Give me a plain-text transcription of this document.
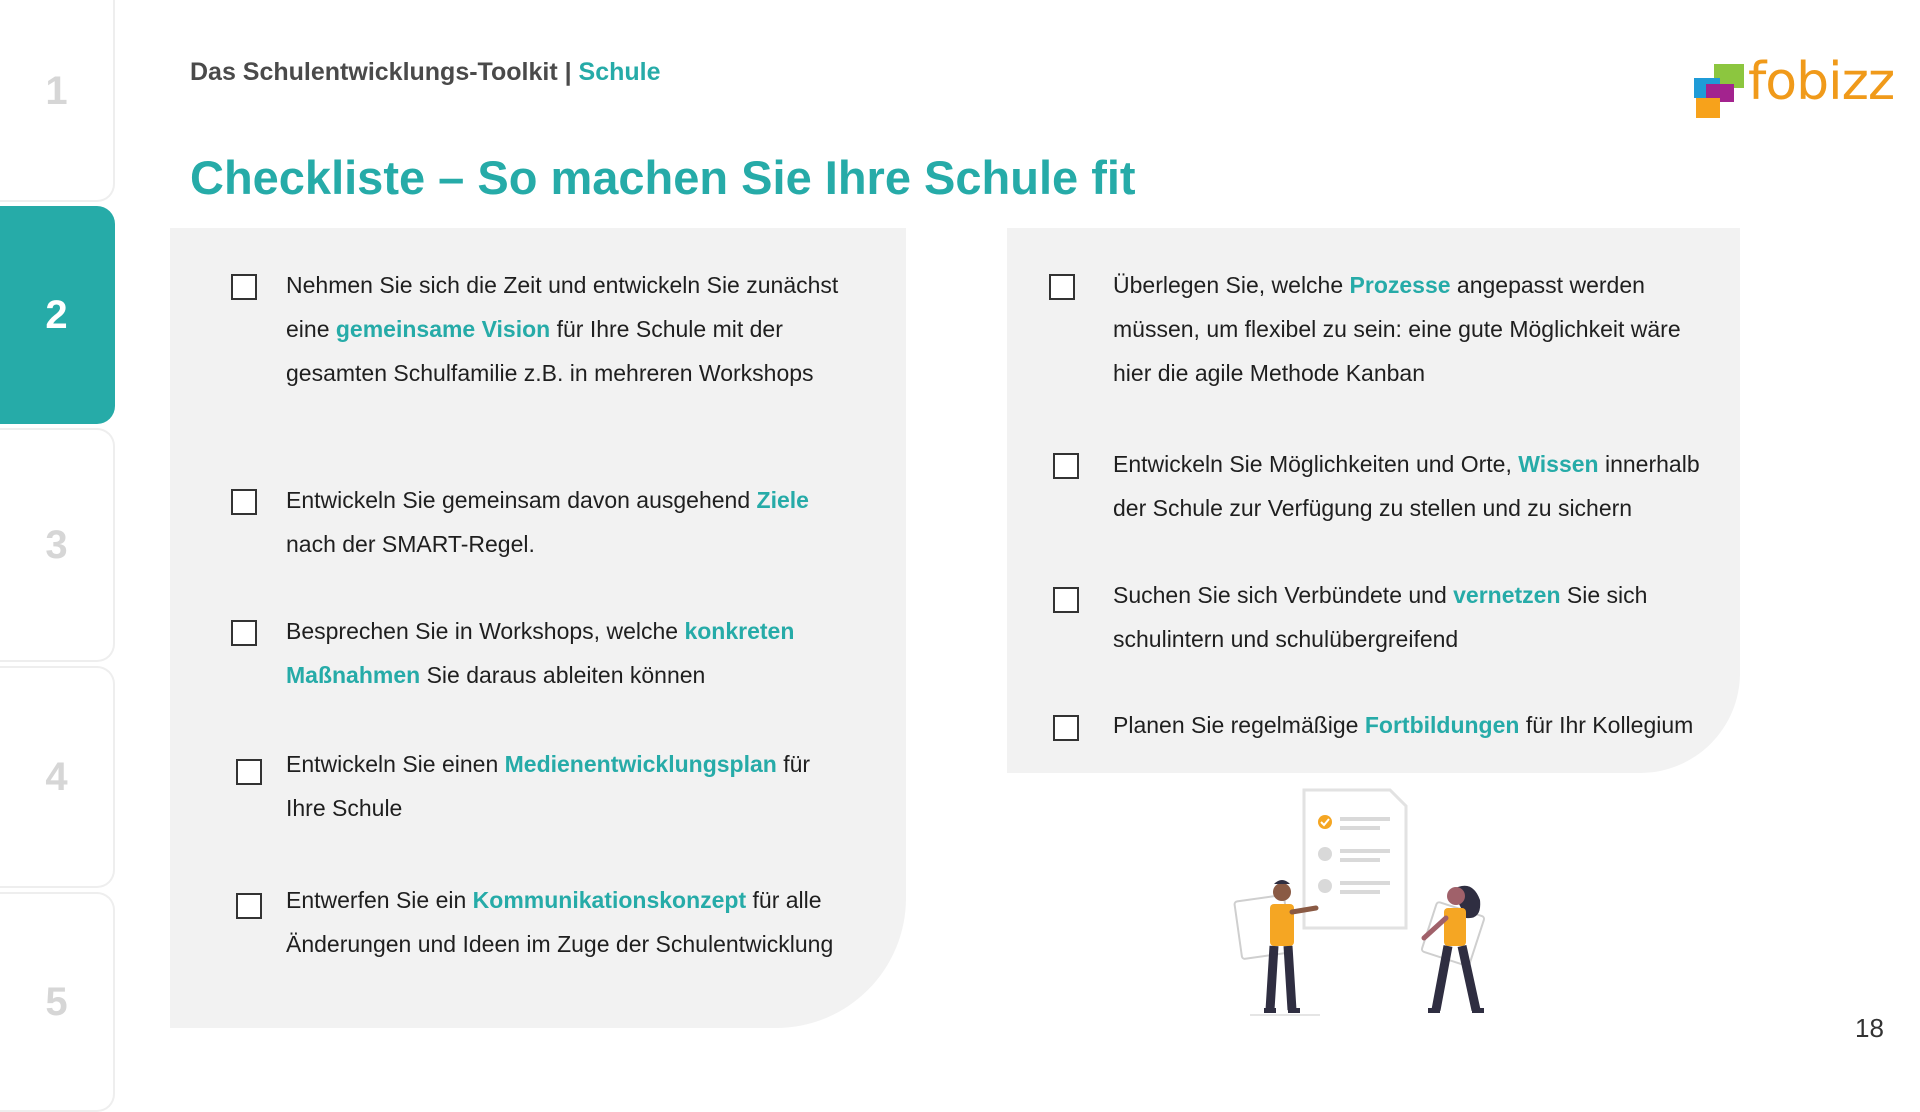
1
2
3
4
5
Das Schulentwicklungs-Toolkit | Schule	fobizz
Checkliste – So machen Sie Ihre Schule fit

Nehmen Sie sich die Zeit und entwickeln Sie zunächst eine gemeinsame Vision für Ihre Schule mit der gesamten Schulfamilie z.B. in mehreren Workshops

Entwickeln Sie gemeinsam davon ausgehend Ziele nach der SMART-Regel.

Besprechen Sie in Workshops, welche konkreten Maßnahmen Sie daraus ableiten können

Entwickeln Sie einen Medienentwicklungsplan für Ihre Schule

Entwerfen Sie ein Kommunikationskonzept für alle Änderungen und Ideen im Zuge der Schulentwicklung

Überlegen Sie, welche Prozesse angepasst werden müssen, um flexibel zu sein: eine gute Möglichkeit wäre hier die agile Methode Kanban

Entwickeln Sie Möglichkeiten und Orte, Wissen innerhalb der Schule zur Verfügung zu stellen und zu sichern

Suchen Sie sich Verbündete und vernetzen Sie sich schulintern und schulübergreifend

Planen Sie regelmäßige Fortbildungen für Ihr Kollegium

18
